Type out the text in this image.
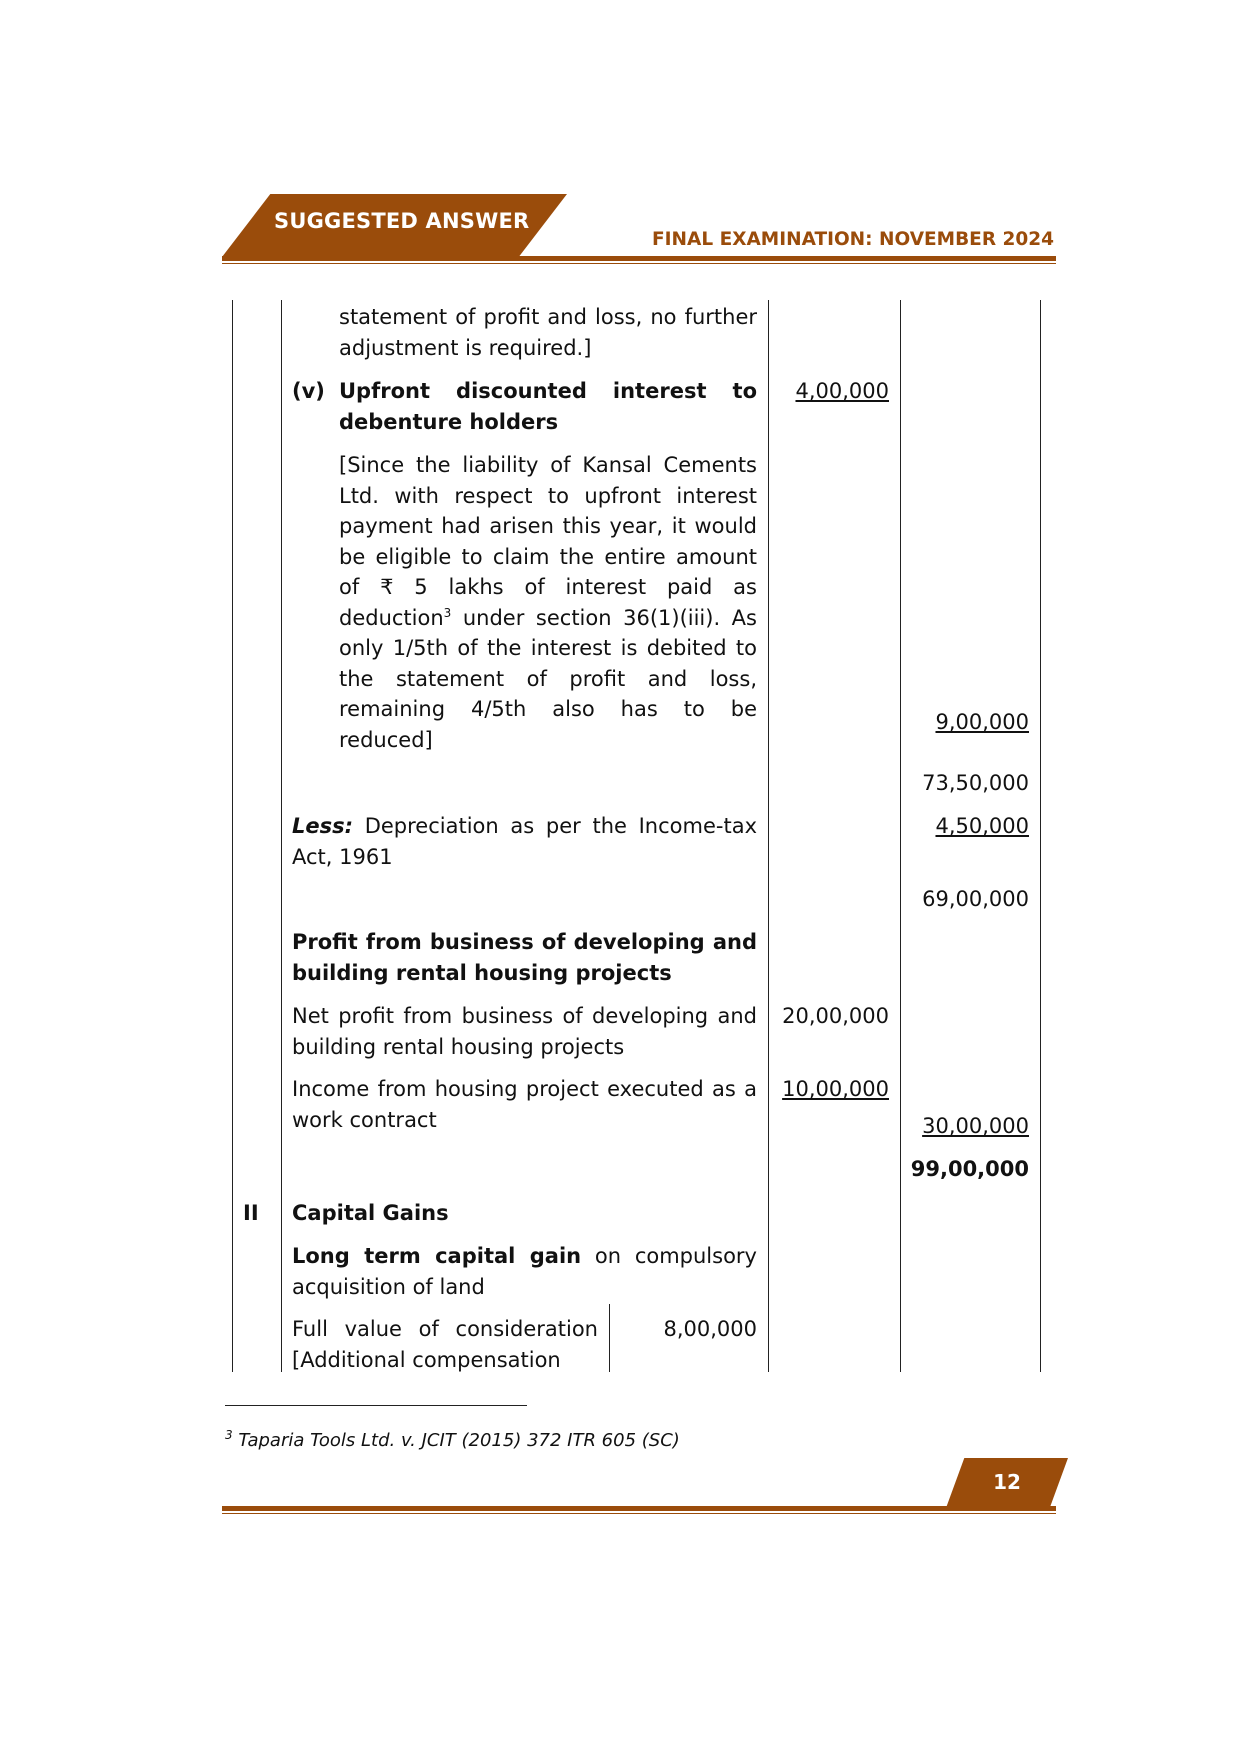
SUGGESTED ANSWER
FINAL EXAMINATION: NOVEMBER 2024
statement of profit and loss, no further adjustment is required.]
(v) Upfront discounted interest to debenture holders
4,00,000
[Since the liability of Kansal Cements Ltd. with respect to upfront interest payment had arisen this year, it would be eligible to claim the entire amount of ₹ 5 lakhs of interest paid as deduction$^3$ under section 36(1)(iii). As only 1/5th of the interest is debited to the statement of profit and loss, remaining 4/5th also has to be reduced]
9,00,000
73,50,000
Less: Depreciation as per the Income-tax Act, 1961
4,50,000
69,00,000
Profit from business of developing and building rental housing projects
Net profit from business of developing and building rental housing projects
20,00,000
Income from housing project executed as a work contract
10,00,000
30,00,000
99,00,000
II Capital Gains
Long term capital gain on compulsory acquisition of land
Full value of consideration [Additional compensation
8,00,000
$^3$ Taparia Tools Ltd. v. JCIT (2015) 372 ITR 605 (SC)
12
